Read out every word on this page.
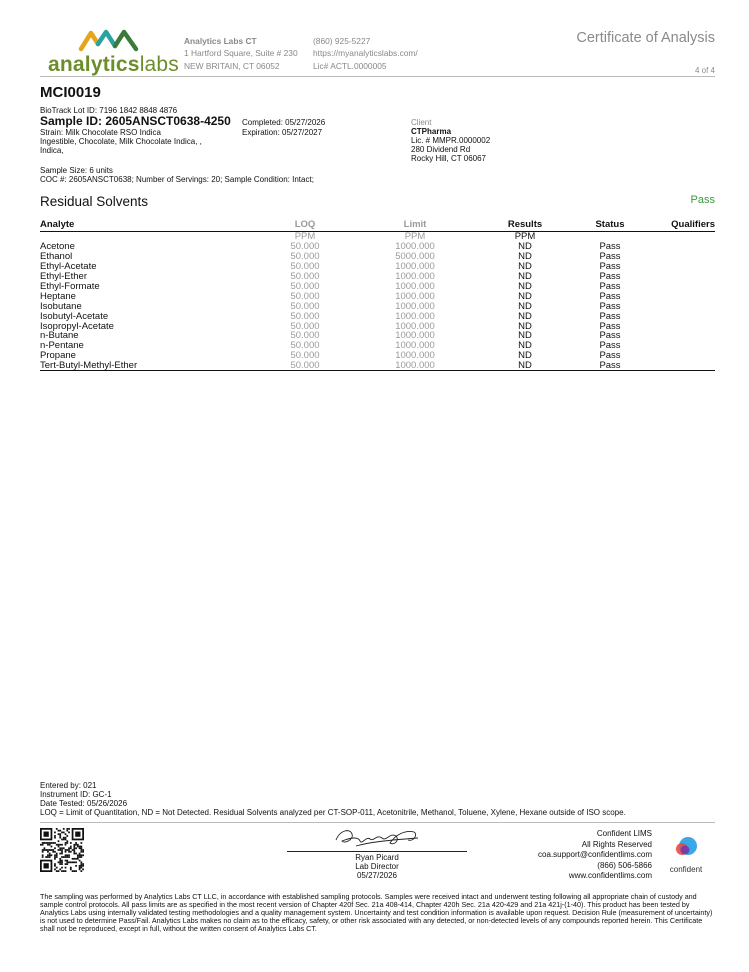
analyticslabs
Analytics Labs CT
1 Hartford Square, Suite # 230
NEW BRITAIN, CT 06052
(860) 925-5227
https://myanalyticslabs.com/
Lic# ACTL.0000005
Certificate of Analysis
4 of 4
MCI0019
BioTrack Lot ID: 7196 1842 8848 4876
Sample ID: 2605ANSCT0638-4250
Strain: Milk Chocolate RSO Indica
Ingestible, Chocolate, Milk Chocolate Indica, ,
Indica,
Completed: 05/27/2026
Expiration: 05/27/2027
Client
CTPharma
Lic. # MMPR.0000002
280 Dividend Rd
Rocky Hill, CT 06067
Sample Size: 6 units
COC #: 2605ANSCT0638; Number of Servings: 20; Sample Condition: Intact;
Residual Solvents	Pass
Analyte	LOQ	Limit	Results	Status	Qualifiers
	PPM	PPM	PPM		
Acetone	50.000	1000.000	ND	Pass	
Ethanol	50.000	5000.000	ND	Pass	
Ethyl-Acetate	50.000	1000.000	ND	Pass	
Ethyl-Ether	50.000	1000.000	ND	Pass	
Ethyl-Formate	50.000	1000.000	ND	Pass	
Heptane	50.000	1000.000	ND	Pass	
Isobutane	50.000	1000.000	ND	Pass	
Isobutyl-Acetate	50.000	1000.000	ND	Pass	
Isopropyl-Acetate	50.000	1000.000	ND	Pass	
n-Butane	50.000	1000.000	ND	Pass	
n-Pentane	50.000	1000.000	ND	Pass	
Propane	50.000	1000.000	ND	Pass	
Tert-Butyl-Methyl-Ether	50.000	1000.000	ND	Pass	
Entered by: 021
Instrument ID: GC-1
Date Tested: 05/26/2026
LOQ = Limit of Quantitation, ND = Not Detected. Residual Solvents analyzed per CT-SOP-011, Acetonitrile, Methanol, Toluene, Xylene, Hexane outside of ISO scope.
Ryan Picard
Lab Director
05/27/2026
Confident LIMS
All Rights Reserved
coa.support@confidentlims.com
(866) 506-5866
www.confidentlims.com
confident
The sampling was performed by Analytics Labs CT LLC, in accordance with established sampling protocols. Samples were received intact and underwent testing following all appropriate chain of custody and sample control protocols. All pass limits are as specified in the most recent version of Chapter 420f Sec. 21a 408-414, Chapter 420h Sec. 21a 420-429 and 21a 421j-(1-40). This product has been tested by Analytics Labs using internally validated testing methodologies and a quality management system. Uncertainty and test condition information is available upon request. Decision Rule (measurement of uncertainty) is not used to determine Pass/Fail. Analytics Labs makes no claim as to the efficacy, safety, or other risk associated with any detected, or non-detected levels of any compounds reported herein. This Certificate shall not be reproduced, except in full, without the written consent of Analytics Labs CT.
